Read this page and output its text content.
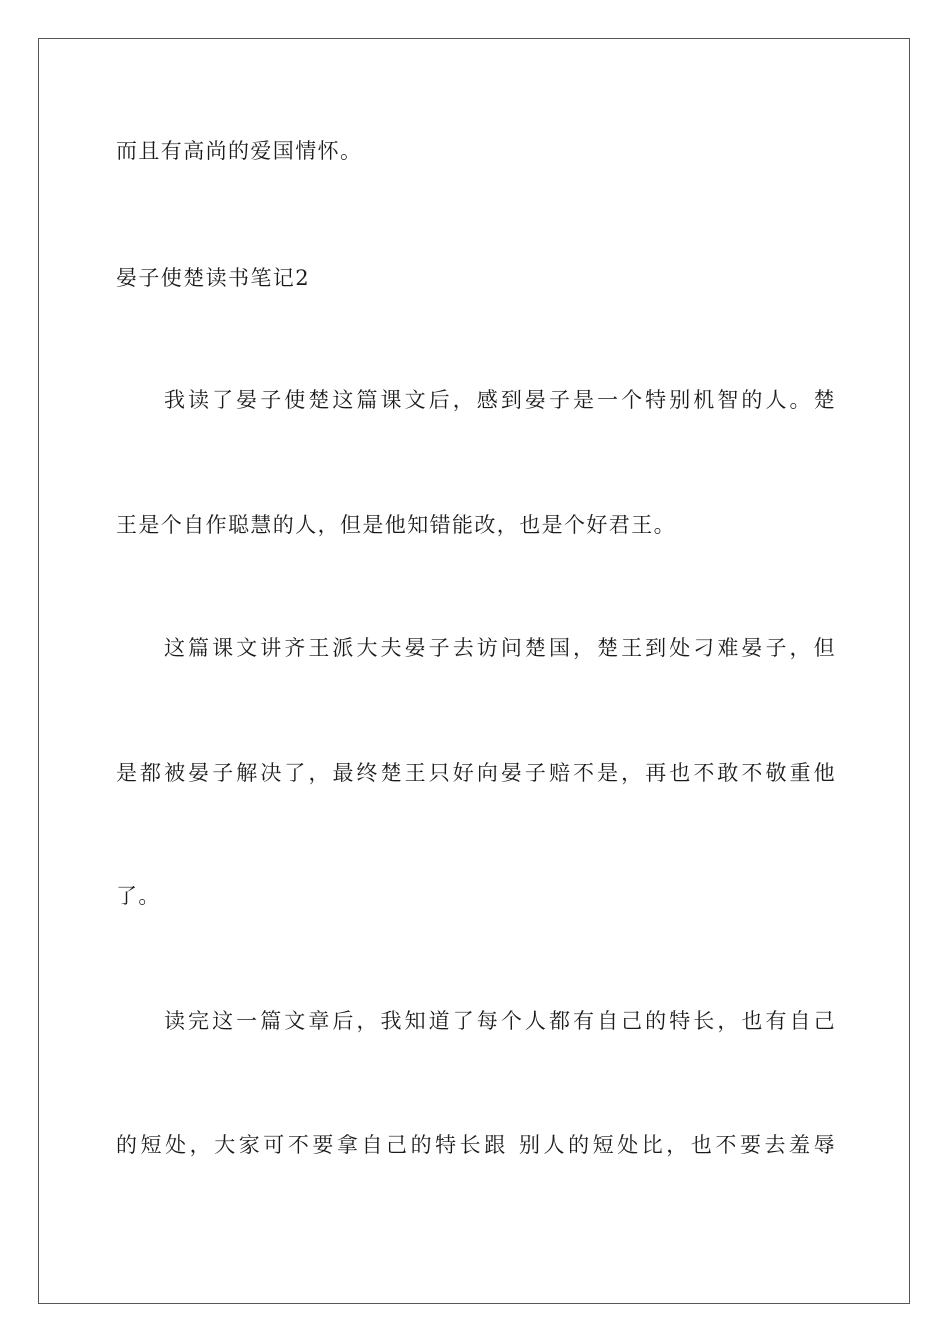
而且有高尚的爱国情怀。
晏子使楚读书笔记2
我读了晏子使楚这篇课文后，感到晏子是一个特别机智的人。楚
王是个自作聪慧的人，但是他知错能改，也是个好君王。
这篇课文讲齐王派大夫晏子去访问楚国，楚王到处刁难晏子，但
是都被晏子解决了，最终楚王只好向晏子赔不是，再也不敢不敬重他
了。
读完这一篇文章后，我知道了每个人都有自己的特长，也有自己
的短处，大家可不要拿自己的特长跟 别人的短处比，也不要去羞辱
